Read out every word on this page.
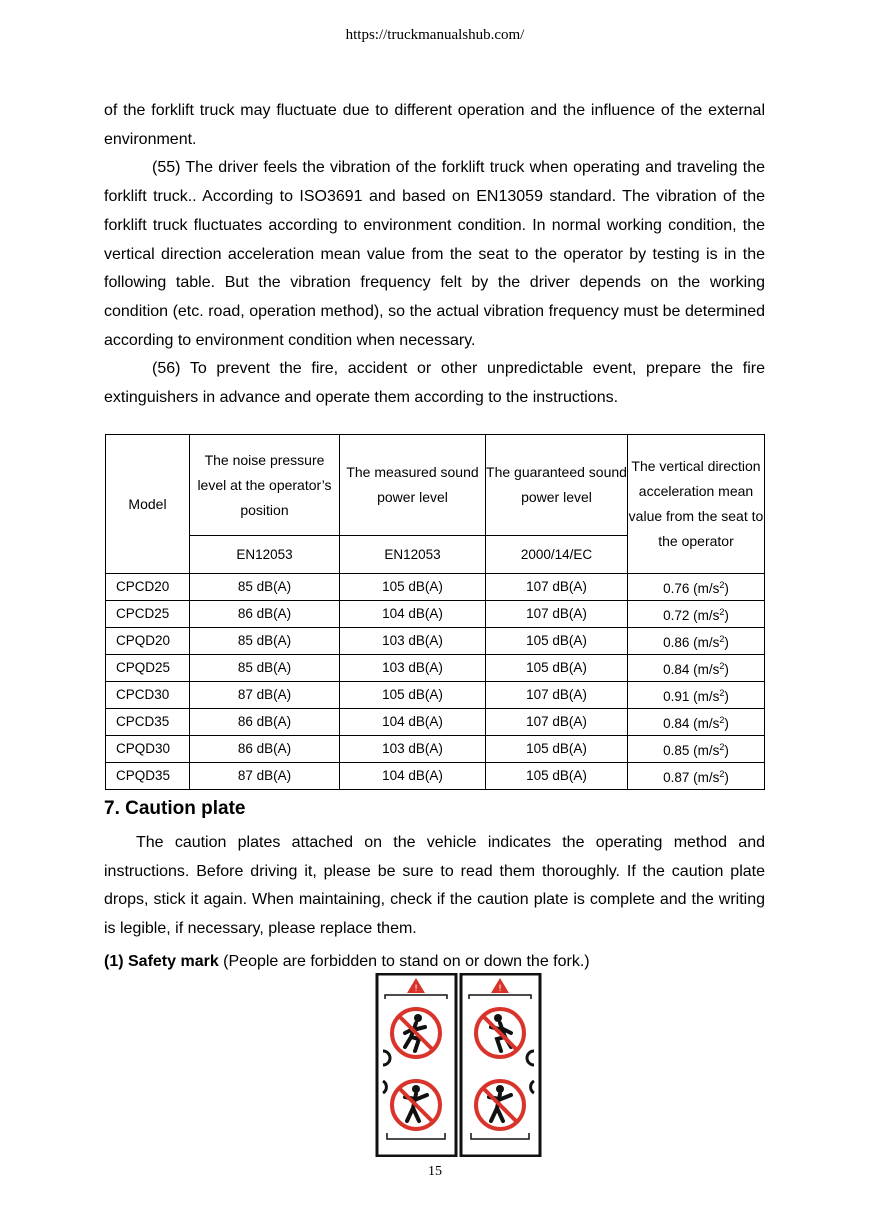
https://truckmanualshub.com/

of the forklift truck may fluctuate due to different operation and the influence of the external environment.

(55) The driver feels the vibration of the forklift truck when operating and traveling the forklift truck.. According to ISO3691 and based on EN13059 standard. The vibration of the forklift truck fluctuates according to environment condition. In normal working condition, the vertical direction acceleration mean value from the seat to the operator by testing is in the following table. But the vibration frequency felt by the driver depends on the working condition (etc. road, operation method), so the actual vibration frequency must be determined according to environment condition when necessary.

(56) To prevent the fire, accident or other unpredictable event, prepare the fire extinguishers in advance and operate them according to the instructions.

Model	The noise pressure level at the operator’s position	The measured sound power level	The guaranteed sound power level	The vertical direction acceleration mean value from the seat to the operator
	EN12053	EN12053	2000/14/EC	
CPCD20	85 dB(A)	105 dB(A)	107 dB(A)	0.76 $(m/s^2)$
CPCD25	86 dB(A)	104 dB(A)	107 dB(A)	0.72 $(m/s^2)$
CPQD20	85 dB(A)	103 dB(A)	105 dB(A)	0.86 $(m/s^2)$
CPQD25	85 dB(A)	103 dB(A)	105 dB(A)	0.84 $(m/s^2)$
CPCD30	87 dB(A)	105 dB(A)	107 dB(A)	0.91 $(m/s^2)$
CPCD35	86 dB(A)	104 dB(A)	107 dB(A)	0.84 $(m/s^2)$
CPQD30	86 dB(A)	103 dB(A)	105 dB(A)	0.85 $(m/s^2)$
CPQD35	87 dB(A)	104 dB(A)	105 dB(A)	0.87 $(m/s^2)$
7. Caution plate

The caution plates attached on the vehicle indicates the operating method and instructions. Before driving it, please be sure to read them thoroughly. If the caution plate drops, stick it again. When maintaining, check if the caution plate is complete and the writing is legible, if necessary, please replace them.

(1) Safety mark (People are forbidden to stand on or down the fork.)
!	!
15
